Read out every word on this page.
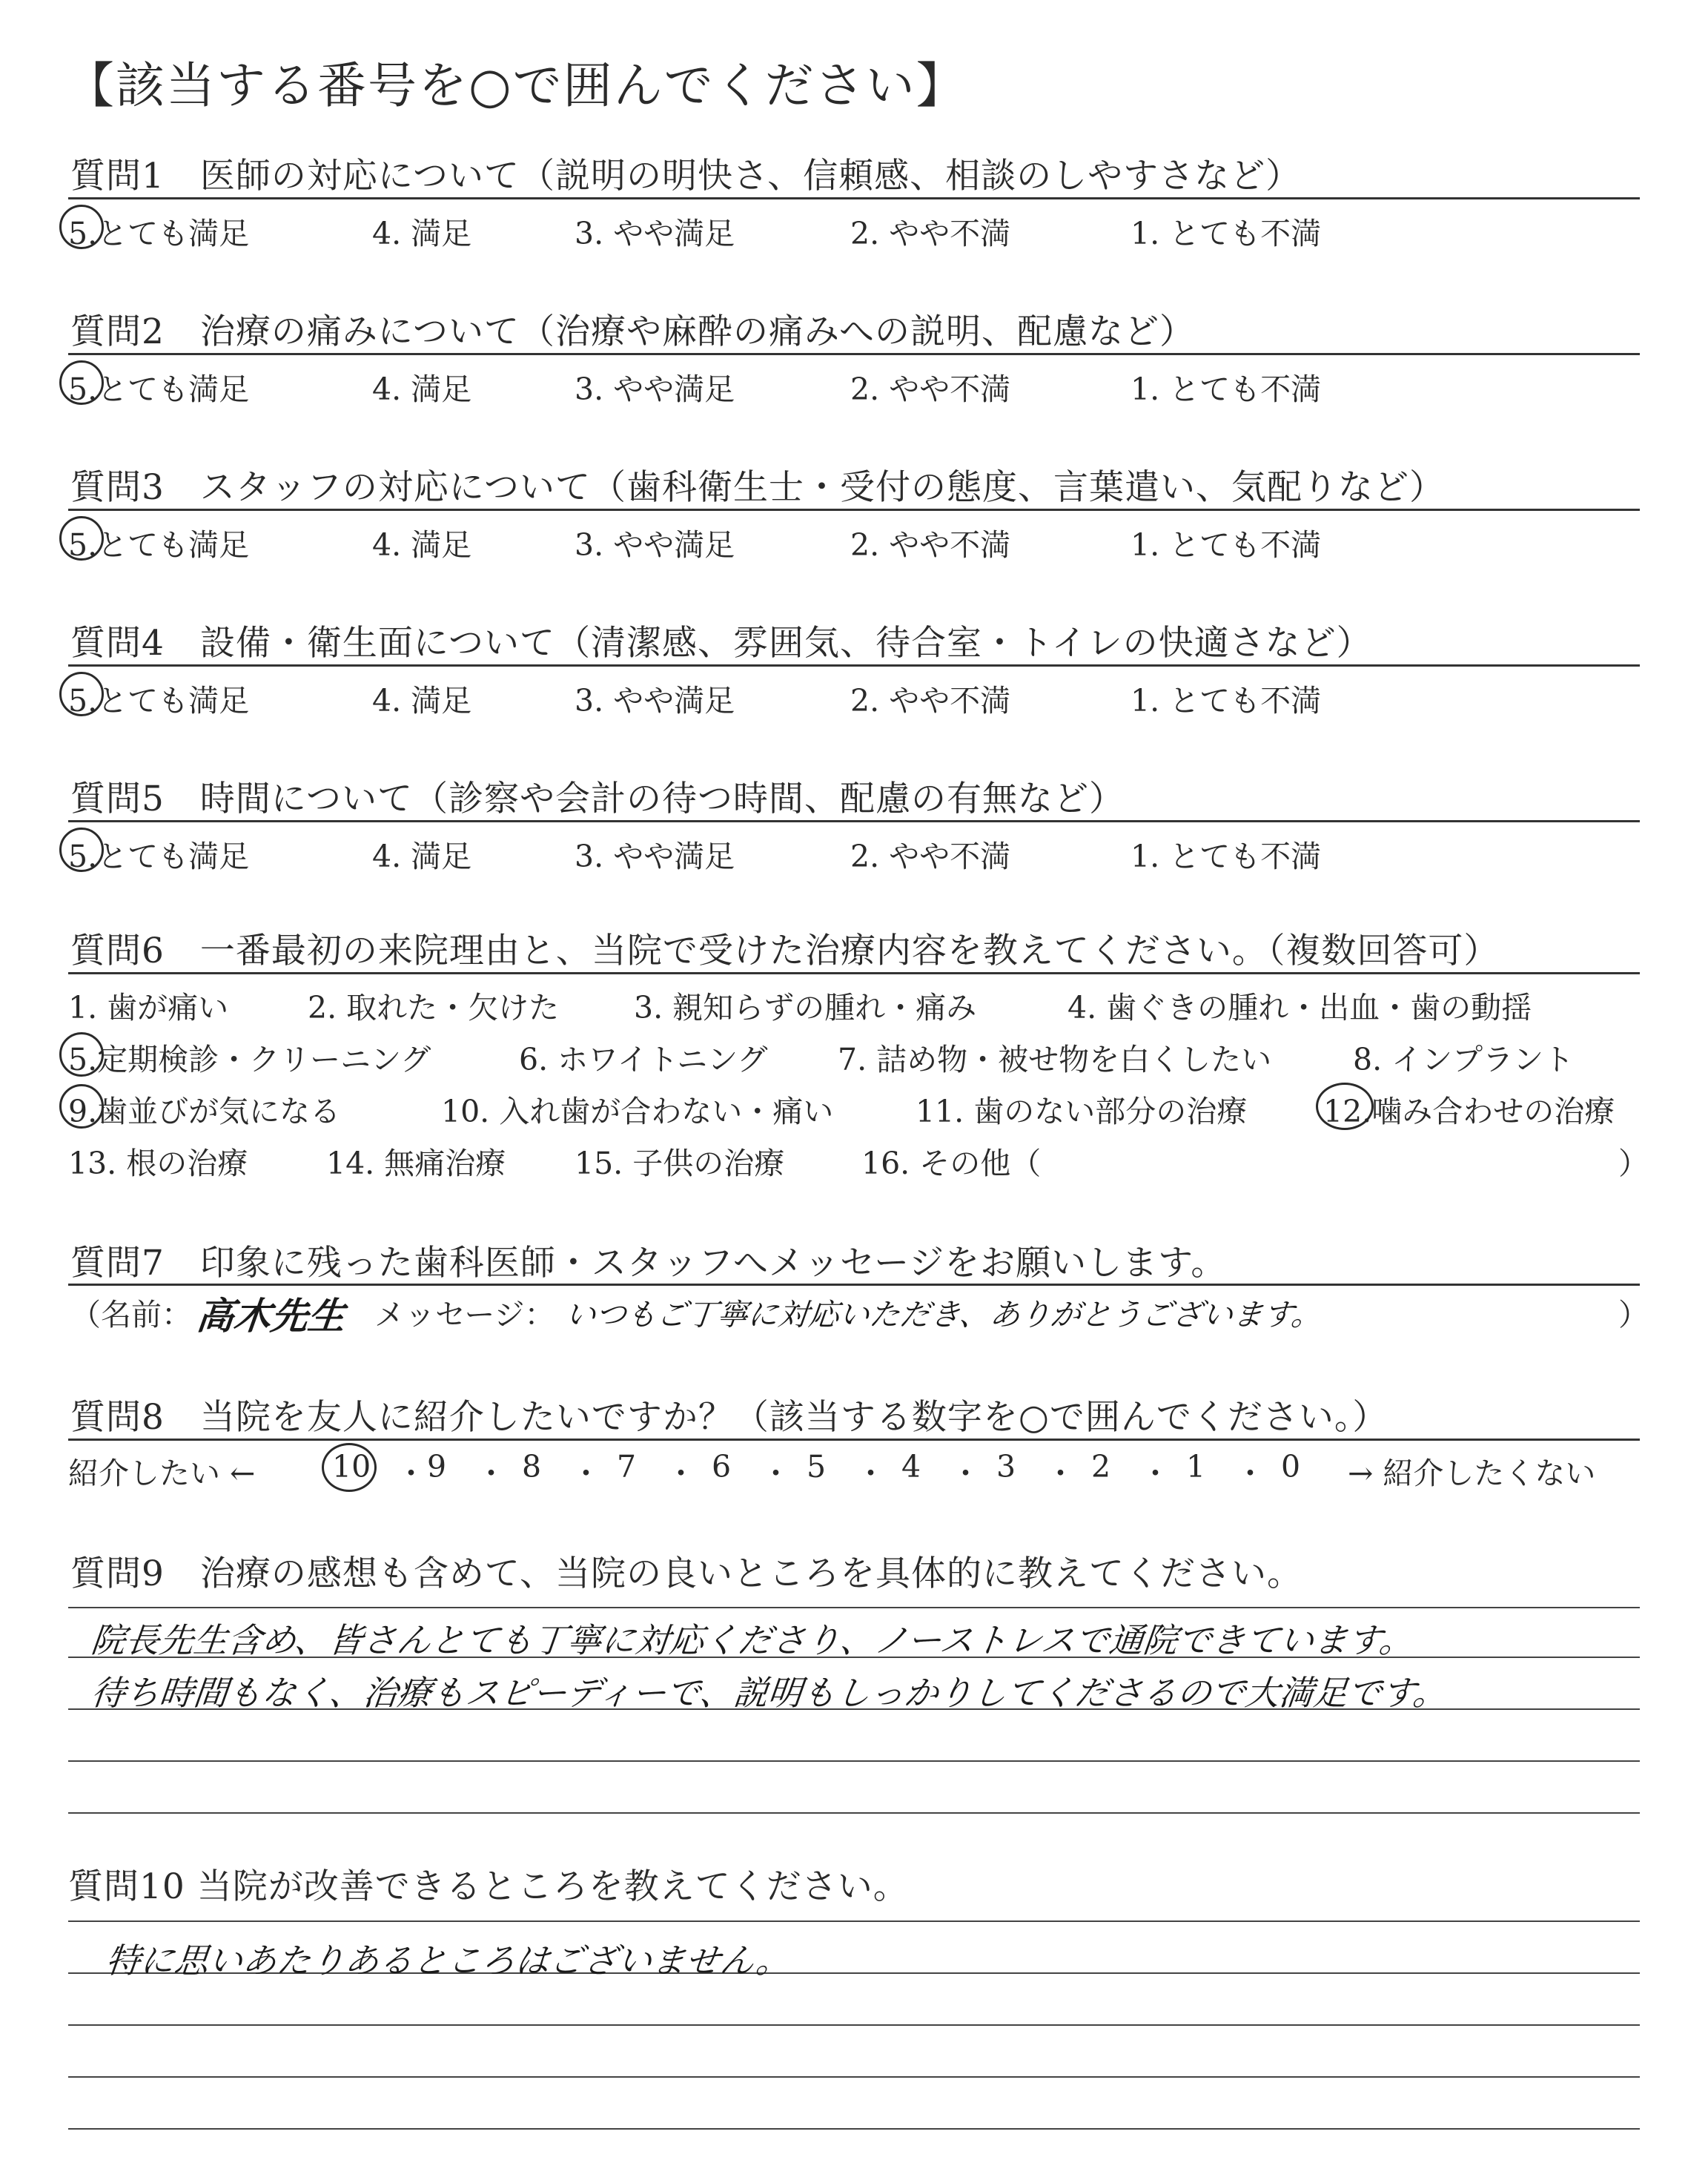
【該当する番号を○で囲んでください】
質問1　医師の対応について（説明の明快さ、信頼感、相談のしやすさなど）
5.とても満足	4. 満足	3. やや満足	2. やや不満	1. とても不満
質問2　治療の痛みについて（治療や麻酔の痛みへの説明、配慮など）
5.とても満足	4. 満足	3. やや満足	2. やや不満	1. とても不満
質問3　スタッフの対応について（歯科衛生士・受付の態度、言葉遣い、気配りなど）
5.とても満足	4. 満足	3. やや満足	2. やや不満	1. とても不満
質問4　設備・衛生面について（清潔感、雰囲気、待合室・トイレの快適さなど）
5.とても満足	4. 満足	3. やや満足	2. やや不満	1. とても不満
質問5　時間について（診察や会計の待つ時間、配慮の有無など）
5.とても満足	4. 満足	3. やや満足	2. やや不満	1. とても不満
質問6　一番最初の来院理由と、当院で受けた治療内容を教えてください。（複数回答可）
1. 歯が痛い	2. 取れた・欠けた 3. 親知らずの腫れ・痛み	4. 歯ぐきの腫れ・出血・歯の動揺
5.定期検診・クリーニング	6. ホワイトニング 7. 詰め物・被せ物を白くしたい	8. インプラント
9.歯並びが気になる	10. 入れ歯が合わない・痛い	11. 歯のない部分の治療	12.噛み合わせの治療
13. 根の治療	14. 無痛治療 15. 子供の治療	16. その他（	）
質問7　印象に残った歯科医師・スタッフへメッセージをお願いします。
（名前： 高木先生 メッセージ： いつもご丁寧に対応いただき、ありがとうございます。	）
質問8　当院を友人に紹介したいですか？（該当する数字を○で囲んでください。）
紹介したい ←	10 ・ 9 ・ 8 ・ 7 ・ 6 ・ 5 ・ 4 ・ 3 ・ 2 ・ 1 ・ 0 → 紹介したくない
質問9　治療の感想も含めて、当院の良いところを具体的に教えてください。
院長先生含め、皆さんとても丁寧に対応くださり、ノーストレスで通院できています。
待ち時間もなく、治療もスピーディーで、説明もしっかりしてくださるので大満足です。
質問10 当院が改善できるところを教えてください。
特に思いあたりあるところはございません。
